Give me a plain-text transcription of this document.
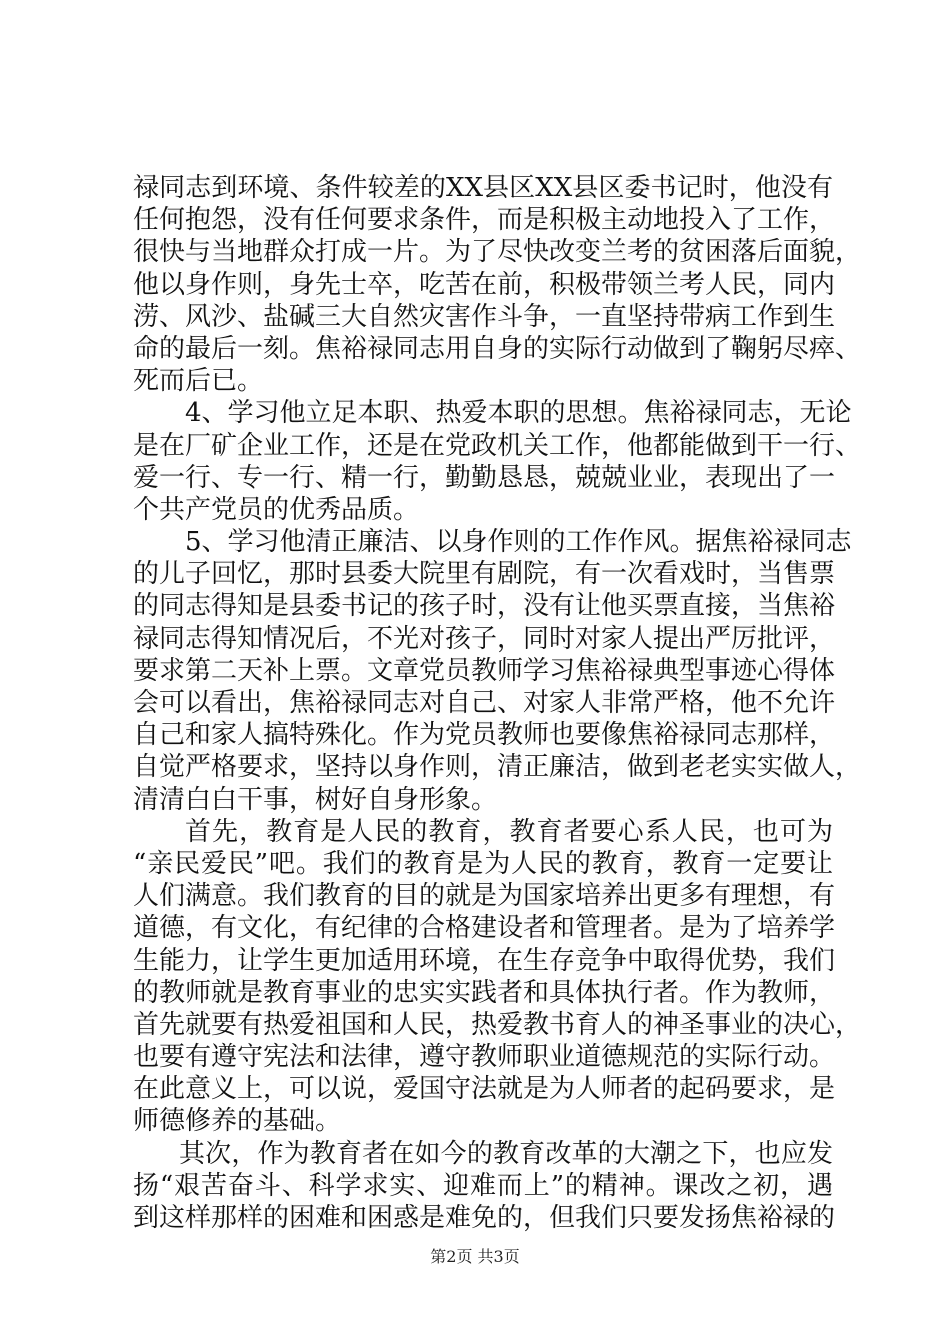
禄同志到环境、条件较差的XX县区XX县区委书记时，他没有
任何抱怨，没有任何要求条件，而是积极主动地投入了工作，
很快与当地群众打成一片。为了尽快改变兰考的贫困落后面貌，
他以身作则，身先士卒，吃苦在前，积极带领兰考人民，同内
涝、风沙、盐碱三大自然灾害作斗争，一直坚持带病工作到生
命的最后一刻。焦裕禄同志用自身的实际行动做到了鞠躬尽瘁、
死而后已。
4、学习他立足本职、热爱本职的思想。焦裕禄同志，无论
是在厂矿企业工作，还是在党政机关工作，他都能做到干一行、
爱一行、专一行、精一行，勤勤恳恳，兢兢业业，表现出了一
个共产党员的优秀品质。
5、学习他清正廉洁、以身作则的工作作风。据焦裕禄同志
的儿子回忆，那时县委大院里有剧院，有一次看戏时，当售票
的同志得知是县委书记的孩子时，没有让他买票直接，当焦裕
禄同志得知情况后，不光对孩子，同时对家人提出严厉批评，
要求第二天补上票。文章党员教师学习焦裕禄典型事迹心得体
会可以看出，焦裕禄同志对自己、对家人非常严格，他不允许
自己和家人搞特殊化。作为党员教师也要像焦裕禄同志那样，
自觉严格要求，坚持以身作则，清正廉洁，做到老老实实做人，
清清白白干事，树好自身形象。
首先，教育是人民的教育，教育者要心系人民，也可为
“亲民爱民”吧。我们的教育是为人民的教育，教育一定要让
人们满意。我们教育的目的就是为国家培养出更多有理想，有
道德，有文化，有纪律的合格建设者和管理者。是为了培养学
生能力，让学生更加适用环境，在生存竞争中取得优势，我们
的教师就是教育事业的忠实实践者和具体执行者。作为教师，
首先就要有热爱祖国和人民，热爱教书育人的神圣事业的决心，
也要有遵守宪法和法律，遵守教师职业道德规范的实际行动。
在此意义上，可以说，爱国守法就是为人师者的起码要求，是
师德修养的基础。
其次，作为教育者在如今的教育改革的大潮之下，也应发
扬“艰苦奋斗、科学求实、迎难而上”的精神。课改之初，遇
到这样那样的困难和困惑是难免的，但我们只要发扬焦裕禄的
第2页 共3页
